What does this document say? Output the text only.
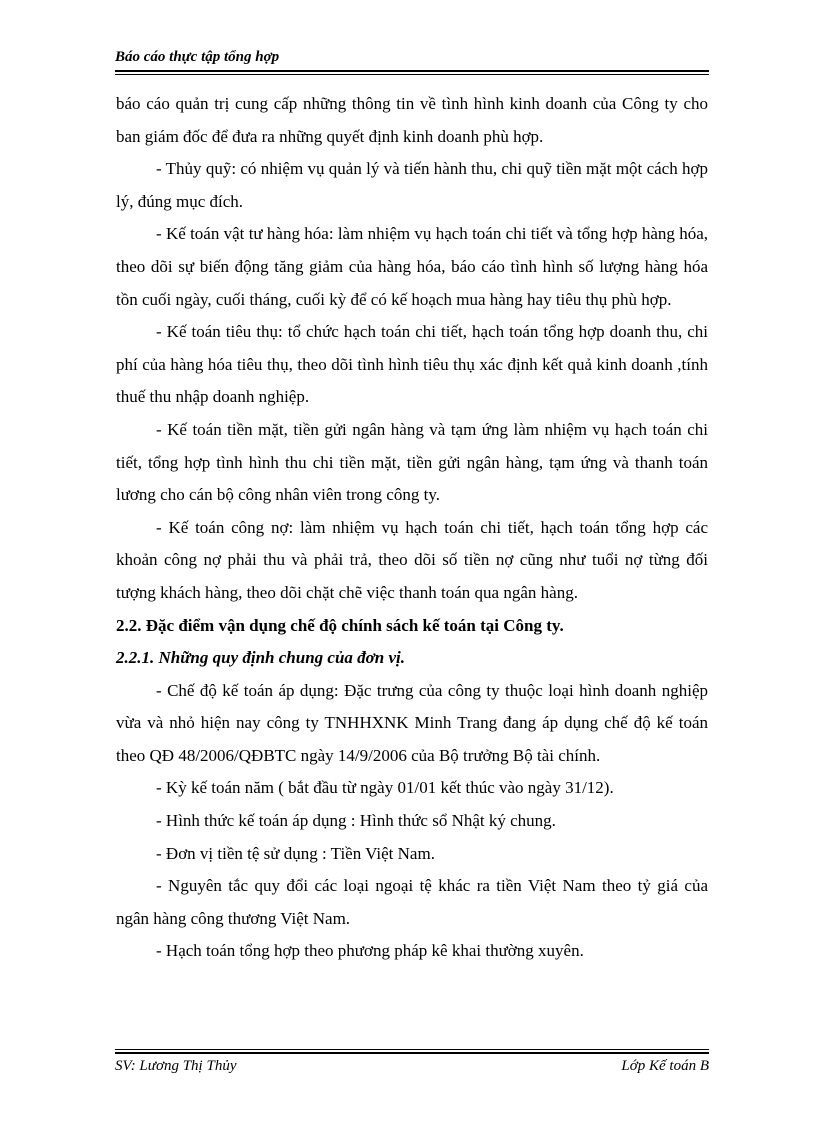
Báo cáo thực tập tổng hợp

báo cáo quản trị cung cấp những thông tin về tình hình kinh doanh của Công ty cho ban giám đốc để đưa ra những quyết định kinh doanh phù hợp.

- Thủy quỹ: có nhiệm vụ quản lý và tiến hành thu, chi quỹ tiền mặt một cách hợp lý, đúng mục đích.

- Kế toán vật tư hàng hóa: làm nhiệm vụ hạch toán chi tiết và tổng hợp hàng hóa, theo dõi sự biến động tăng giảm của hàng hóa, báo cáo tình hình số lượng hàng hóa tồn cuối ngày, cuối tháng, cuối kỳ để có kế hoạch mua hàng hay tiêu thụ phù hợp.

- Kế toán tiêu thụ: tổ chức hạch toán chi tiết, hạch toán tổng hợp doanh thu, chi phí của hàng hóa tiêu thụ, theo dõi tình hình tiêu thụ xác định kết quả kinh doanh ,tính thuế thu nhập doanh nghiệp.

- Kế toán tiền mặt, tiền gửi ngân hàng và tạm ứng làm nhiệm vụ hạch toán chi tiết, tổng hợp tình hình thu chi tiền mặt, tiền gửi ngân hàng, tạm ứng và thanh toán lương cho cán bộ công nhân viên trong công ty.

- Kế toán công nợ: làm nhiệm vụ hạch toán chi tiết, hạch toán tổng hợp các khoản công nợ phải thu và phải trả, theo dõi số tiền nợ cũng như tuổi nợ từng đối tượng khách hàng, theo dõi chặt chẽ việc thanh toán qua ngân hàng.

2.2. Đặc điểm vận dụng chế độ chính sách kế toán tại Công ty.

2.2.1. Những quy định chung của đơn vị.

- Chế độ kế toán áp dụng: Đặc trưng của công ty thuộc loại hình doanh nghiệp vừa và nhỏ hiện nay công ty TNHHXNK Minh Trang đang áp dụng chế độ kế toán theo QĐ 48/2006/QĐBTC ngày 14/9/2006 của Bộ trưởng Bộ tài chính.

- Kỳ kế toán năm ( bắt đầu từ ngày 01/01 kết thúc vào ngày 31/12).

- Hình thức kế toán áp dụng : Hình thức sổ Nhật ký chung.

- Đơn vị tiền tệ sử dụng : Tiền Việt Nam.

- Nguyên tắc quy đổi các loại ngoại tệ khác ra tiền Việt Nam theo tỷ giá của ngân hàng công thương Việt Nam.

- Hạch toán tổng hợp theo phương pháp kê khai thường xuyên.

SV: Lương Thị Thủy	Lớp Kế toán B
